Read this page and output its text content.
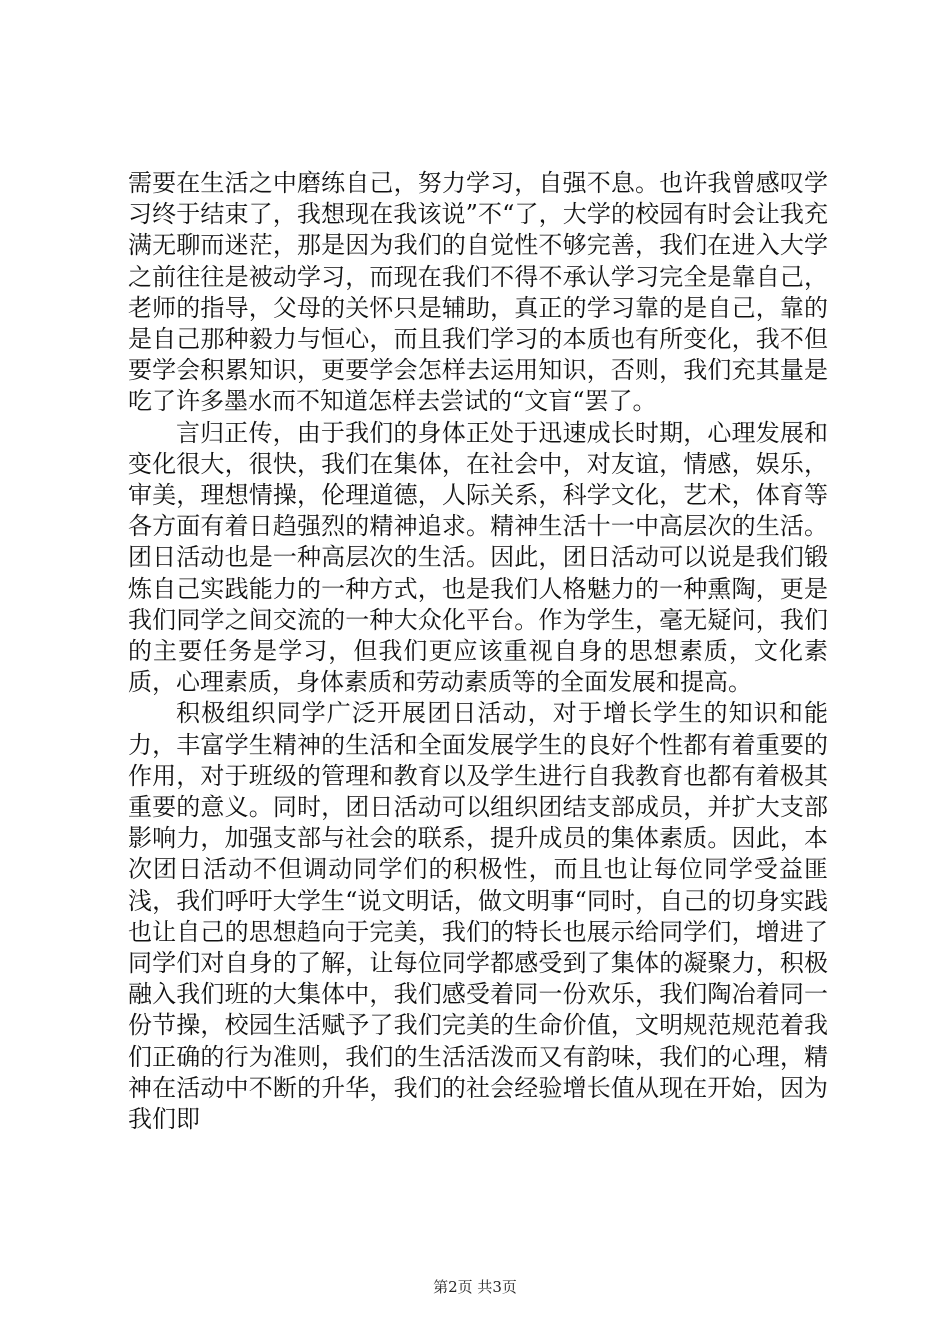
需要在生活之中磨练自己，努力学习，自强不息。也许我曾感叹学习终于结束了，我想现在我该说”不“了，大学的校园有时会让我充满无聊而迷茫，那是因为我们的自觉性不够完善，我们在进入大学之前往往是被动学习，而现在我们不得不承认学习完全是靠自己，老师的指导，父母的关怀只是辅助，真正的学习靠的是自己，靠的是自己那种毅力与恒心，而且我们学习的本质也有所变化，我不但要学会积累知识，更要学会怎样去运用知识，否则，我们充其量是吃了许多墨水而不知道怎样去尝试的“文盲“罢了。

言归正传，由于我们的身体正处于迅速成长时期，心理发展和变化很大，很快，我们在集体，在社会中，对友谊，情感，娱乐，审美，理想情操，伦理道德，人际关系，科学文化，艺术，体育等各方面有着日趋强烈的精神追求。精神生活十一中高层次的生活。团日活动也是一种高层次的生活。因此，团日活动可以说是我们锻炼自己实践能力的一种方式，也是我们人格魅力的一种熏陶，更是我们同学之间交流的一种大众化平台。作为学生，毫无疑问，我们的主要任务是学习，但我们更应该重视自身的思想素质，文化素质，心理素质，身体素质和劳动素质等的全面发展和提高。

积极组织同学广泛开展团日活动，对于增长学生的知识和能力，丰富学生精神的生活和全面发展学生的良好个性都有着重要的作用，对于班级的管理和教育以及学生进行自我教育也都有着极其重要的意义。同时，团日活动可以组织团结支部成员，并扩大支部影响力，加强支部与社会的联系，提升成员的集体素质。因此，本次团日活动不但调动同学们的积极性，而且也让每位同学受益匪浅，我们呼吁大学生“说文明话，做文明事“同时，自己的切身实践也让自己的思想趋向于完美，我们的特长也展示给同学们，增进了同学们对自身的了解，让每位同学都感受到了集体的凝聚力，积极融入我们班的大集体中，我们感受着同一份欢乐，我们陶冶着同一份节操，校园生活赋予了我们完美的生命价值，文明规范规范着我们正确的行为准则，我们的生活活泼而又有韵味，我们的心理，精神在活动中不断的升华，我们的社会经验增长值从现在开始，因为我们即

第2页 共3页
